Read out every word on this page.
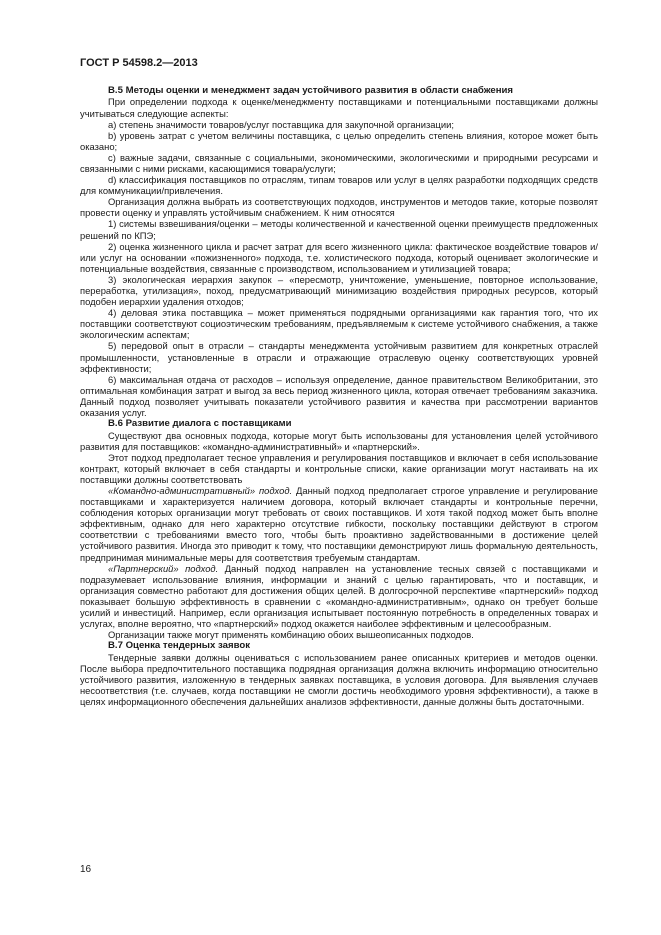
ГОСТ Р 54598.2—2013
В.5 Методы оценки и менеджмент задач устойчивого развития в области снабжения

При определении подхода к оценке/менеджменту поставщиками и потенциальными поставщиками должны учитываться следующие аспекты:

а) степень значимости товаров/услуг поставщика для закупочной организации;

b) уровень затрат с учетом величины поставщика, с целью определить степень влияния, которое может быть оказано;

с) важные задачи, связанные с социальными, экономическими, экологическими и природными ресурсами и связанными с ними рисками, касающимися товара/услуги;

d) классификация поставщиков по отраслям, типам товаров или услуг в целях разработки подходящих средств для коммуникации/привлечения.

Организация должна выбрать из соответствующих подходов, инструментов и методов такие, которые позволят провести оценку и управлять устойчивым снабжением. К ним относятся

1) системы взвешивания/оценки – методы количественной и качественной оценки преимуществ предложенных решений по КПЭ;

2) оценка жизненного цикла и расчет затрат для всего жизненного цикла: фактическое воздействие товаров и/или услуг на основании «пожизненного» подхода, т.е. холистического подхода, который оценивает экологические и потенциальные воздействия, связанные с производством, использованием и утилизацией товара;

3) экологическая иерархия закупок – «пересмотр, уничтожение, уменьшение, повторное использование, переработка, утилизация», поход, предусматривающий минимизацию воздействия природных ресурсов, который подобен иерархии удаления отходов;

4) деловая этика поставщика – может применяться подрядными организациями как гарантия того, что их поставщики соответствуют социоэтическим требованиям, предъявляемым к системе устойчивого снабжения, а также экологическим аспектам;

5) передовой опыт в отрасли – стандарты менеджмента устойчивым развитием для конкретных отраслей промышленности, установленные в отрасли и отражающие отраслевую оценку соответствующих уровней эффективности;

6) максимальная отдача от расходов – используя определение, данное правительством Великобритании, это оптимальная комбинация затрат и выгод за весь период жизненного цикла, которая отвечает требованиям заказчика. Данный подход позволяет учитывать показатели устойчивого развития и качества при рассмотрении вариантов оказания услуг.

В.6 Развитие диалога с поставщиками

Существуют два основных подхода, которые могут быть использованы для установления целей устойчивого развития для поставщиков: «командно-административный» и «партнерский».

Этот подход предполагает тесное управления и регулирования поставщиков и включает в себя использование контракт, который включает в себя стандарты и контрольные списки, какие организации могут настаивать на их поставщики должны соответствовать

«Командно-административный» подход. Данный подход предполагает строгое управление и регулирование поставщиками и характеризуется наличием договора, который включает стандарты и контрольные перечни, соблюдения которых организации могут требовать от своих поставщиков. И хотя такой подход может быть вполне эффективным, однако для него характерно отсутствие гибкости, поскольку поставщики действуют в строгом соответствии с требованиями вместо того, чтобы быть проактивно задействованными в достижение целей устойчивого развития. Иногда это приводит к тому, что поставщики демонстрируют лишь формальную деятельность, предпринимая минимальные меры для соответствия требуемым стандартам.

«Партнерский» подход. Данный подход направлен на установление тесных связей с поставщиками и подразумевает использование влияния, информации и знаний с целью гарантировать, что и поставщик, и организация совместно работают для достижения общих целей. В долгосрочной перспективе «партнерский» подход показывает большую эффективность в сравнении с «командно-административным», однако он требует больше усилий и инвестиций. Например, если организация испытывает постоянную потребность в определенных товарах и услугах, вполне вероятно, что «партнерский» подход окажется наиболее эффективным и целесообразным.

Организации также могут применять комбинацию обоих вышеописанных подходов.

В.7 Оценка тендерных заявок

Тендерные заявки должны оцениваться с использованием ранее описанных критериев и методов оценки. После выбора предпочтительного поставщика подрядная организация должна включить информацию относительно устойчивого развития, изложенную в тендерных заявках поставщика, в условия договора. Для выявления случаев несоответствия (т.е. случаев, когда поставщики не смогли достичь необходимого уровня эффективности), а также в целях информационного обеспечения дальнейших анализов эффективности, данные должны быть достаточными.

16
